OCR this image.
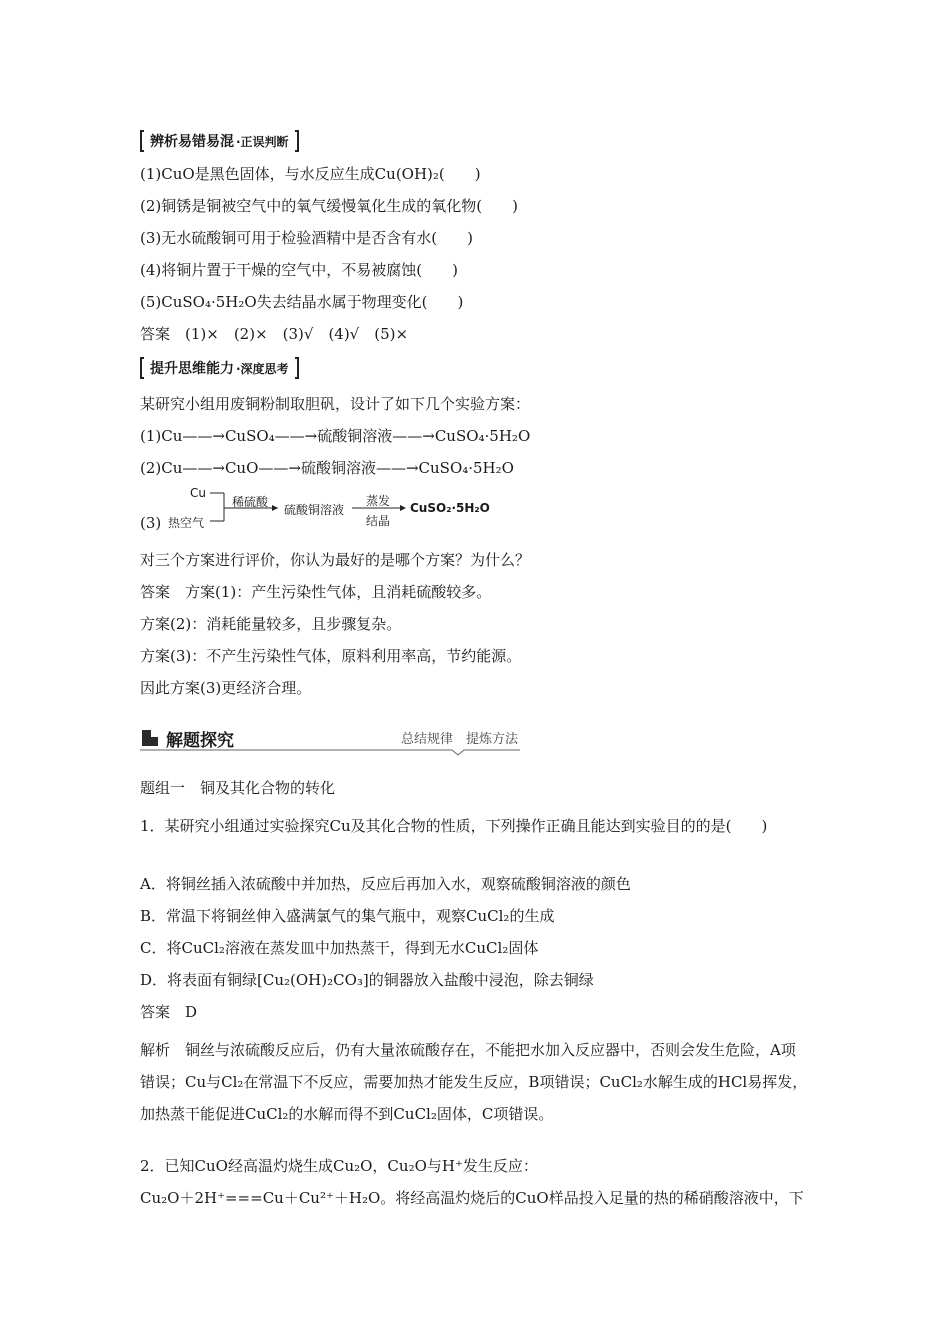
辨析易错易混 ·正误判断
(1)CuO是黑色固体，与水反应生成Cu(OH)₂(　　)
(2)铜锈是铜被空气中的氧气缓慢氧化生成的氧化物(　　)
(3)无水硫酸铜可用于检验酒精中是否含有水(　　)
(4)将铜片置于干燥的空气中，不易被腐蚀(　　)
(5)CuSO₄·5H₂O失去结晶水属于物理变化(　　)
答案　(1)×　(2)×　(3)√　(4)√　(5)×
提升思维能力 ·深度思考
某研究小组用废铜粉制取胆矾，设计了如下几个实验方案：
(1)Cu——→CuSO₄——→硫酸铜溶液——→CuSO₄·5H₂O
(2)Cu——→CuO——→硫酸铜溶液——→CuSO₄·5H₂O
(3)
Cu
热空气
稀硫酸
硫酸铜溶液
蒸发
结晶
CuSO₂·5H₂O
对三个方案进行评价，你认为最好的是哪个方案？为什么？
答案　方案(1)：产生污染性气体，且消耗硫酸较多。
方案(2)：消耗能量较多，且步骤复杂。
方案(3)：不产生污染性气体，原料利用率高，节约能源。
因此方案(3)更经济合理。
解题探究	总结规律　提炼方法
题组一　铜及其化合物的转化
1．某研究小组通过实验探究Cu及其化合物的性质，下列操作正确且能达到实验目的的是(　　)
A．将铜丝插入浓硫酸中并加热，反应后再加入水，观察硫酸铜溶液的颜色
B．常温下将铜丝伸入盛满氯气的集气瓶中，观察CuCl₂的生成
C．将CuCl₂溶液在蒸发皿中加热蒸干，得到无水CuCl₂固体
D．将表面有铜绿[Cu₂(OH)₂CO₃]的铜器放入盐酸中浸泡，除去铜绿
答案　D
解析　铜丝与浓硫酸反应后，仍有大量浓硫酸存在，不能把水加入反应器中，否则会发生危险，A项错误；Cu与Cl₂在常温下不反应，需要加热才能发生反应，B项错误；CuCl₂水解生成的HCl易挥发，加热蒸干能促进CuCl₂的水解而得不到CuCl₂固体，C项错误。
2．已知CuO经高温灼烧生成Cu₂O，Cu₂O与H⁺发生反应：
Cu₂O＋2H⁺===Cu＋Cu²⁺＋H₂O。将经高温灼烧后的CuO样品投入足量的热的稀硝酸溶液中，下
